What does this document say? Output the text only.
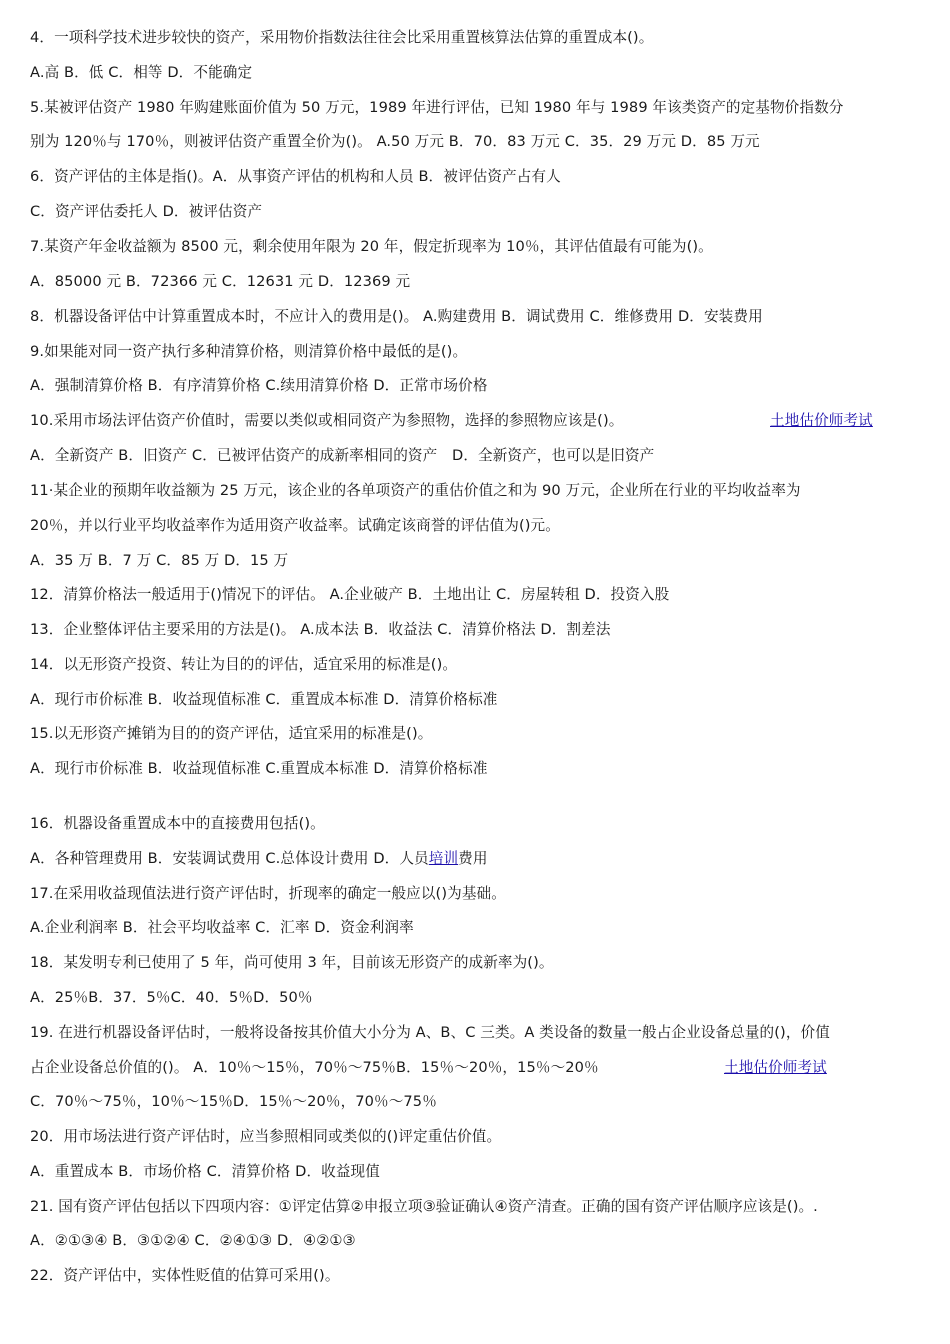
4．一项科学技术进步较快的资产，采用物价指数法往往会比采用重置核算法估算的重置成本()。
A.高 B．低 C．相等 D．不能确定
5.某被评估资产 1980 年购建账面价值为 50 万元，1989 年进行评估，已知 1980 年与 1989 年该类资产的定基物价指数分
别为 120％与 170％，则被评估资产重置全价为()。 A.50 万元 B．70．83 万元 C．35．29 万元 D．85 万元
6．资产评估的主体是指()。A．从事资产评估的机构和人员 B．被评估资产占有人
C．资产评估委托人 D．被评估资产
7.某资产年金收益额为 8500 元，剩余使用年限为 20 年，假定折现率为 10％，其评估值最有可能为()。
A．85000 元 B．72366 元 C．12631 元 D．12369 元
8．机器设备评估中计算重置成本时，不应计入的费用是()。 A.购建费用 B．调试费用 C．维修费用 D．安装费用
9.如果能对同一资产执行多种清算价格，则清算价格中最低的是()。
A．强制清算价格 B．有序清算价格 C.续用清算价格 D．正常市场价格
10.采用市场法评估资产价值时，需要以类似或相同资产为参照物，选择的参照物应该是()。	土地估价师考试
A．全新资产 B．旧资产 C．已被评估资产的成新率相同的资产　D．全新资产，也可以是旧资产
11·某企业的预期年收益额为 25 万元，该企业的各单项资产的重估价值之和为 90 万元，企业所在行业的平均收益率为
20％，并以行业平均收益率作为适用资产收益率。试确定该商誉的评估值为()元。
A．35 万 B．7 万 C．85 万 D．15 万
12．清算价格法一般适用于()情况下的评估。 A.企业破产 B．土地出让 C．房屋转租 D．投资入股
13．企业整体评估主要采用的方法是()。 A.成本法 B．收益法 C．清算价格法 D．割差法
14．以无形资产投资、转让为目的的评估，适宜采用的标准是()。
A．现行市价标准 B．收益现值标准 C．重置成本标准 D．清算价格标准
15.以无形资产摊销为目的的资产评估，适宜采用的标准是()。
A．现行市价标准 B．收益现值标准 C.重置成本标准 D．清算价格标准
16．机器设备重置成本中的直接费用包括()。
A．各种管理费用 B．安装调试费用 C.总体设计费用 D．人员培训费用
17.在采用收益现值法进行资产评估时，折现率的确定一般应以()为基础。
A.企业利润率 B．社会平均收益率 C．汇率 D．资金利润率
18．某发明专利已使用了 5 年，尚可使用 3 年，目前该无形资产的成新率为()。
A．25％B．37．5％C．40．5％D．50％
19. 在进行机器设备评估时，一般将设备按其价值大小分为 A、B、C 三类。A 类设备的数量一般占企业设备总量的()，价值
占企业设备总价值的()。 A．10％～15％，70％～75％B．15％～20％，15％～20％	土地估价师考试
C．70％～75％，10％～15％D．15％～20％，70％～75％
20．用市场法进行资产评估时，应当参照相同或类似的()评定重估价值。
A．重置成本 B．市场价格 C．清算价格 D．收益现值
21. 国有资产评估包括以下四项内容：①评定估算②申报立项③验证确认④资产清查。正确的国有资产评估顺序应该是()。.
A．②①③④ B．③①②④ C．②④①③ D．④②①③
22．资产评估中，实体性贬值的估算可采用()。
